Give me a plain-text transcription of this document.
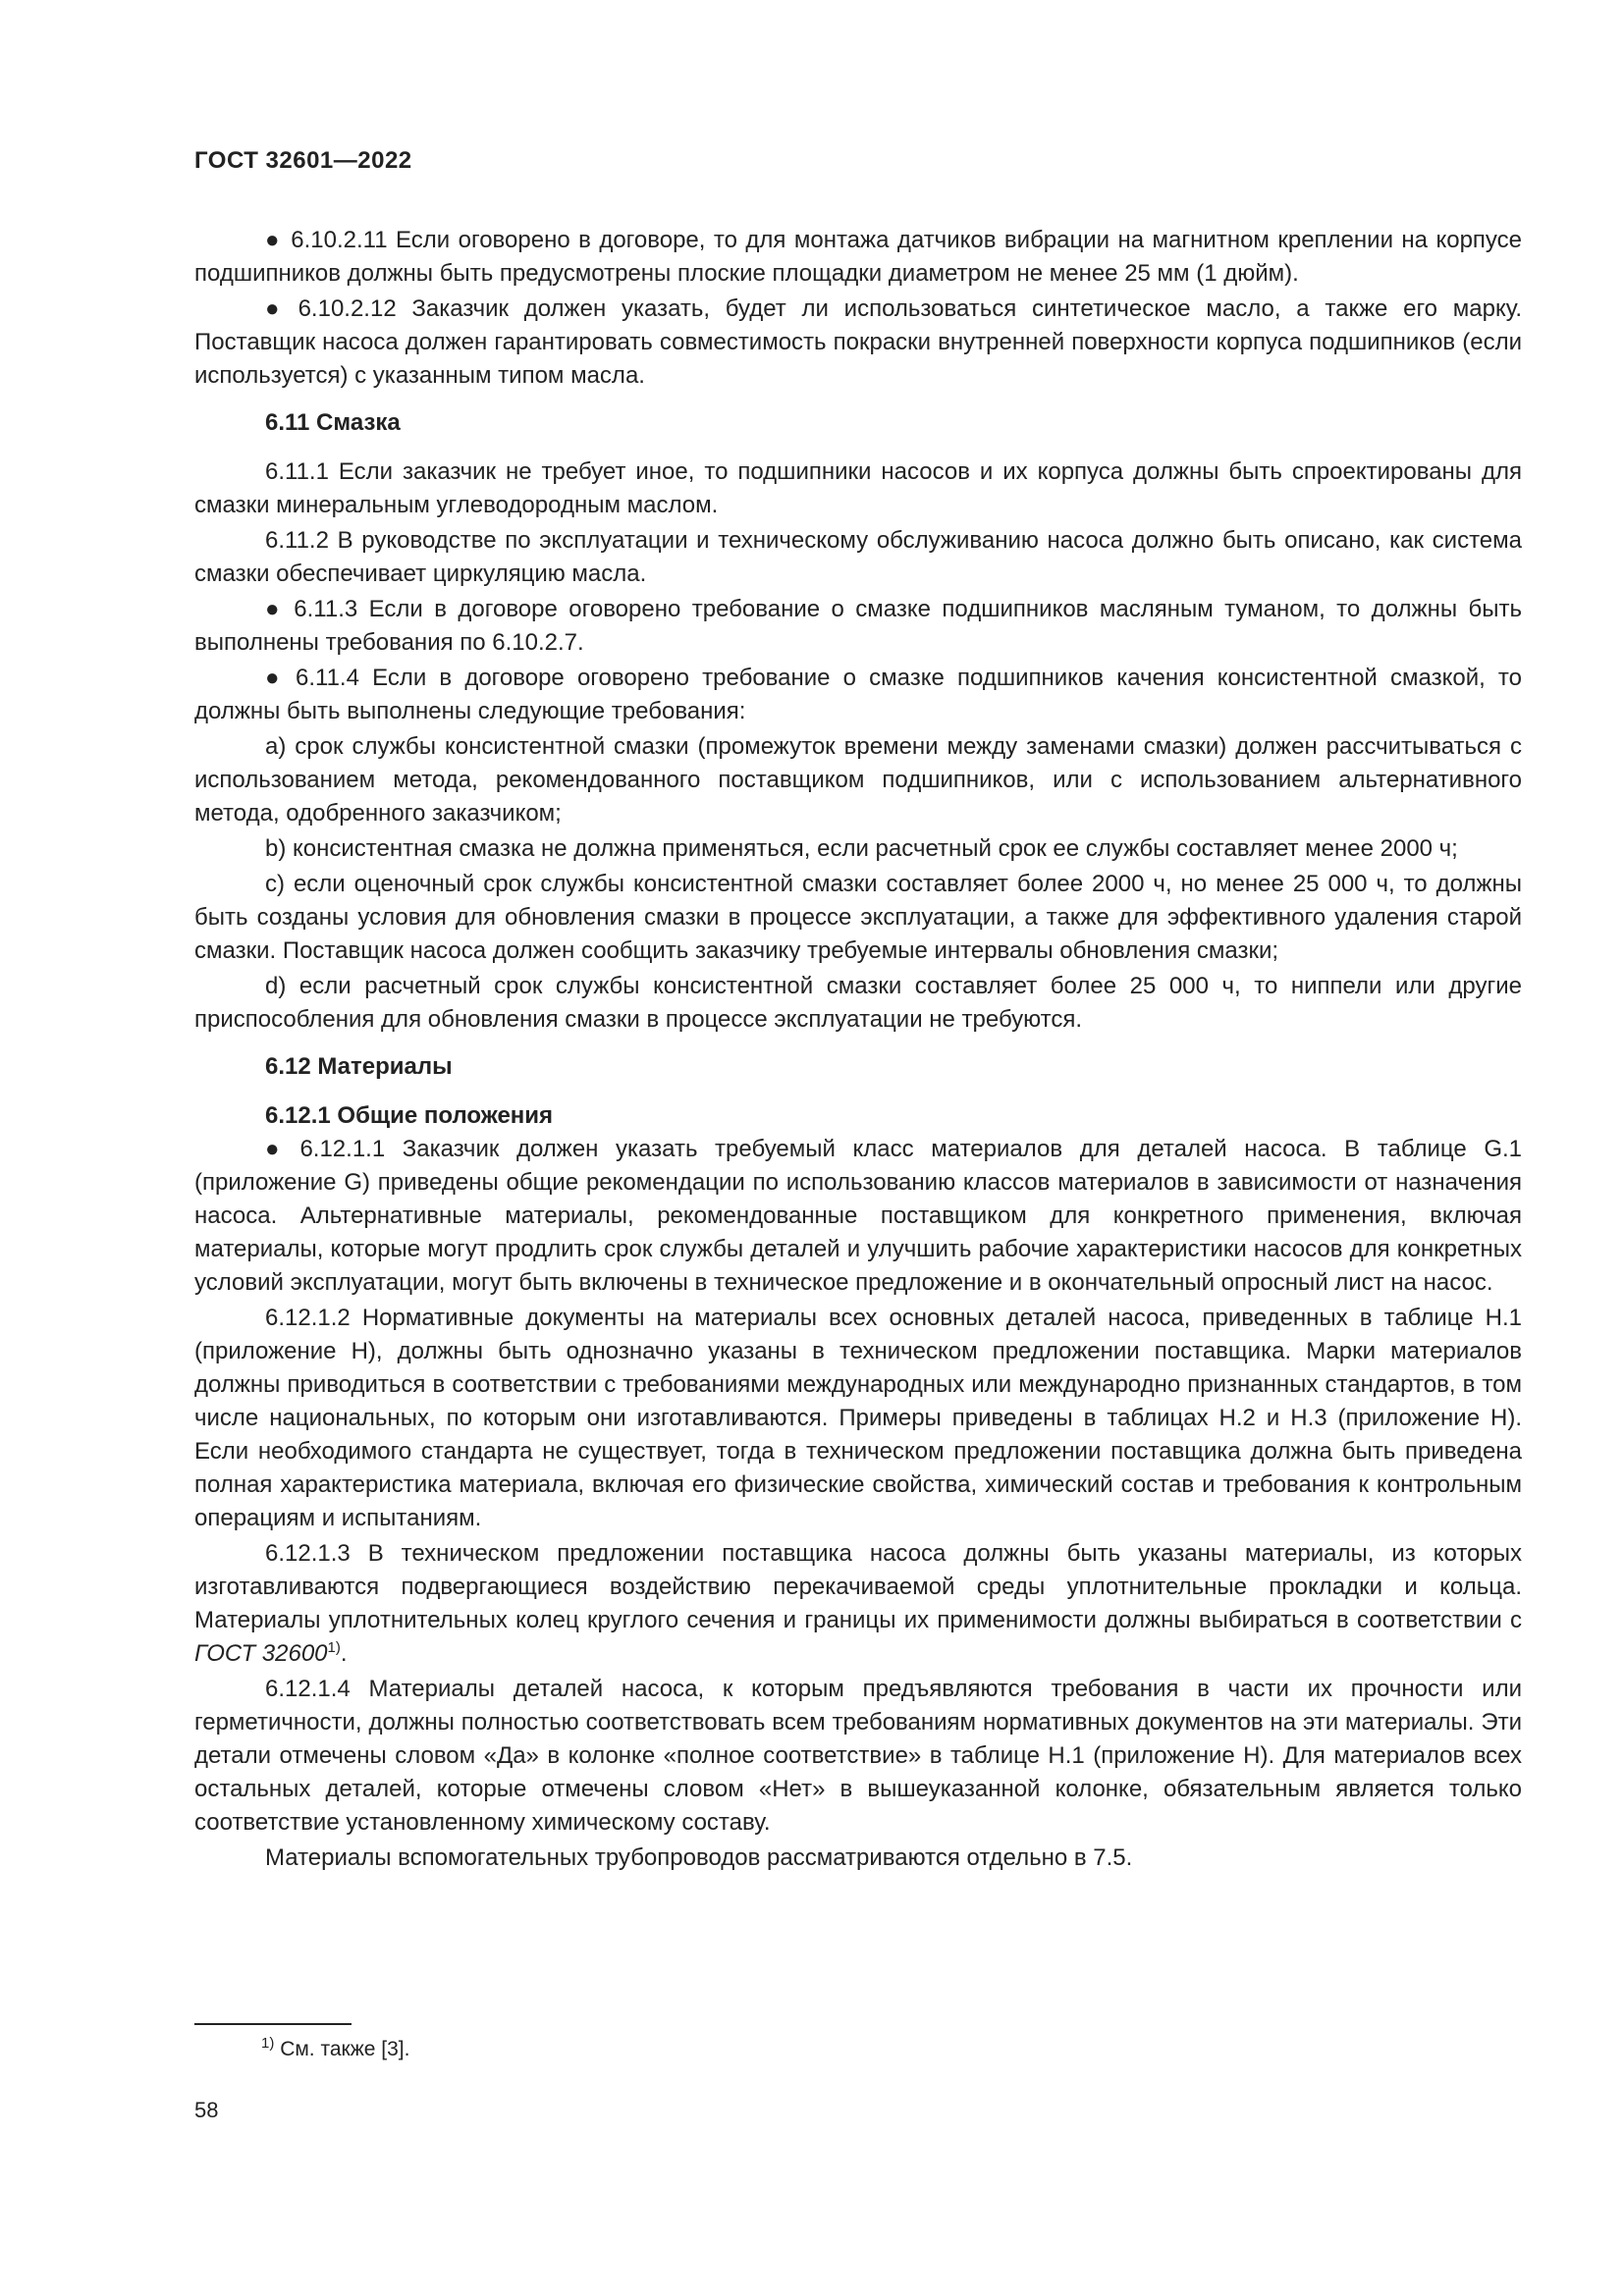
ГОСТ 32601—2022

● 6.10.2.11 Если оговорено в договоре, то для монтажа датчиков вибрации на магнитном креплении на корпусе подшипников должны быть предусмотрены плоские площадки диаметром не менее 25 мм (1 дюйм).

● 6.10.2.12 Заказчик должен указать, будет ли использоваться синтетическое масло, а также его марку. Поставщик насоса должен гарантировать совместимость покраски внутренней поверхности корпуса подшипников (если используется) с указанным типом масла.

6.11 Смазка

6.11.1 Если заказчик не требует иное, то подшипники насосов и их корпуса должны быть спроектированы для смазки минеральным углеводородным маслом.

6.11.2 В руководстве по эксплуатации и техническому обслуживанию насоса должно быть описано, как система смазки обеспечивает циркуляцию масла.

● 6.11.3 Если в договоре оговорено требование о смазке подшипников масляным туманом, то должны быть выполнены требования по 6.10.2.7.

● 6.11.4 Если в договоре оговорено требование о смазке подшипников качения консистентной смазкой, то должны быть выполнены следующие требования:

a) срок службы консистентной смазки (промежуток времени между заменами смазки) должен рассчитываться с использованием метода, рекомендованного поставщиком подшипников, или с использованием альтернативного метода, одобренного заказчиком;

b) консистентная смазка не должна применяться, если расчетный срок ее службы составляет менее 2000 ч;

c) если оценочный срок службы консистентной смазки составляет более 2000 ч, но менее 25 000 ч, то должны быть созданы условия для обновления смазки в процессе эксплуатации, а также для эффективного удаления старой смазки. Поставщик насоса должен сообщить заказчику требуемые интервалы обновления смазки;

d) если расчетный срок службы консистентной смазки составляет более 25 000 ч, то ниппели или другие приспособления для обновления смазки в процессе эксплуатации не требуются.

6.12 Материалы
6.12.1 Общие положения

● 6.12.1.1 Заказчик должен указать требуемый класс материалов для деталей насоса. В таблице G.1 (приложение G) приведены общие рекомендации по использованию классов материалов в зависимости от назначения насоса. Альтернативные материалы, рекомендованные поставщиком для конкретного применения, включая материалы, которые могут продлить срок службы деталей и улучшить рабочие характеристики насосов для конкретных условий эксплуатации, могут быть включены в техническое предложение и в окончательный опросный лист на насос.

6.12.1.2 Нормативные документы на материалы всех основных деталей насоса, приведенных в таблице H.1 (приложение H), должны быть однозначно указаны в техническом предложении поставщика. Марки материалов должны приводиться в соответствии с требованиями международных или международно признанных стандартов, в том числе национальных, по которым они изготавливаются. Примеры приведены в таблицах H.2 и H.3 (приложение H). Если необходимого стандарта не существует, тогда в техническом предложении поставщика должна быть приведена полная характеристика материала, включая его физические свойства, химический состав и требования к контрольным операциям и испытаниям.

6.12.1.3 В техническом предложении поставщика насоса должны быть указаны материалы, из которых изготавливаются подвергающиеся воздействию перекачиваемой среды уплотнительные прокладки и кольца. Материалы уплотнительных колец круглого сечения и границы их применимости должны выбираться в соответствии с ГОСТ 32600$^{1)}$.

6.12.1.4 Материалы деталей насоса, к которым предъявляются требования в части их прочности или герметичности, должны полностью соответствовать всем требованиям нормативных документов на эти материалы. Эти детали отмечены словом «Да» в колонке «полное соответствие» в таблице H.1 (приложение H). Для материалов всех остальных деталей, которые отмечены словом «Нет» в вышеуказанной колонке, обязательным является только соответствие установленному химическому составу.

Материалы вспомогательных трубопроводов рассматриваются отдельно в 7.5.

$^{1)}$ См. также [3].
58
